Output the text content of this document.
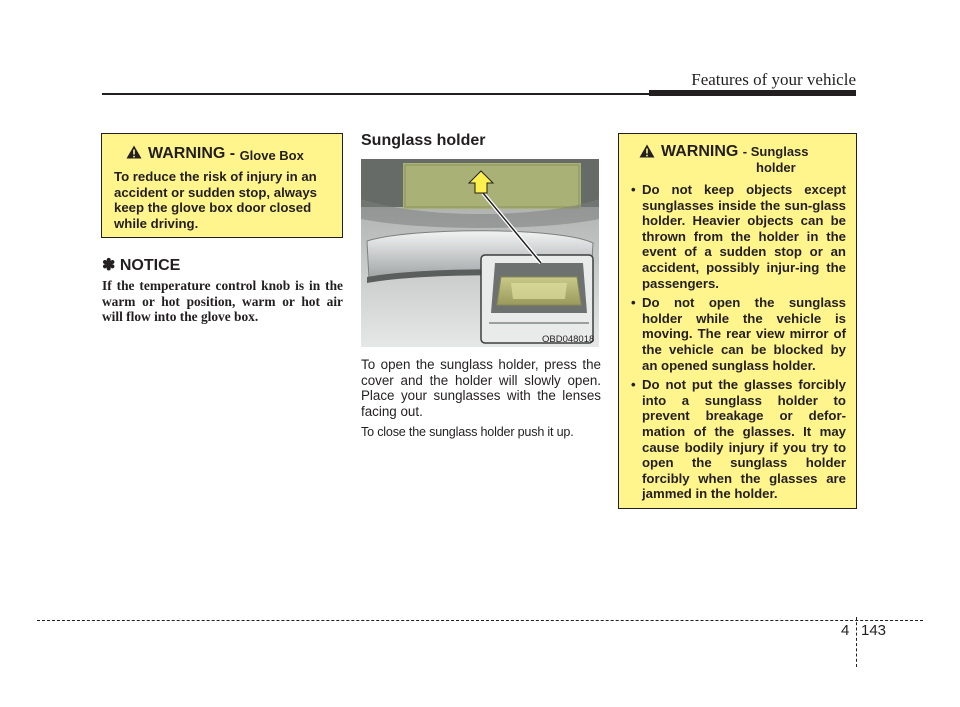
Features of your vehicle
WARNING -
Glove Box
To reduce the risk of injury in an accident or sudden stop, always keep the glove box door closed while driving.
✽ NOTICE
If the temperature control knob is in the warm or hot position, warm or hot air will flow into the glove box.
Sunglass holder
OBD048018

To open the sunglass holder, press the cover and the holder will slowly open. Place your sunglasses with the lenses facing out.

To close the sunglass holder push it up.

WARNING - Sunglass
holder
• Do not keep objects except sunglasses inside the sun-glass holder. Heavier objects can be thrown from the holder in the event of a sudden stop or an accident, possibly injur-ing the passengers.
• Do not open the sunglass holder while the vehicle is moving. The rear view mirror of the vehicle can be blocked by an opened sunglass holder.
• Do not put the glasses forcibly into a sunglass holder to prevent breakage or defor-mation of the glasses. It may cause bodily injury if you try to open the sunglass holder forcibly when the glasses are jammed in the holder.
4 143
